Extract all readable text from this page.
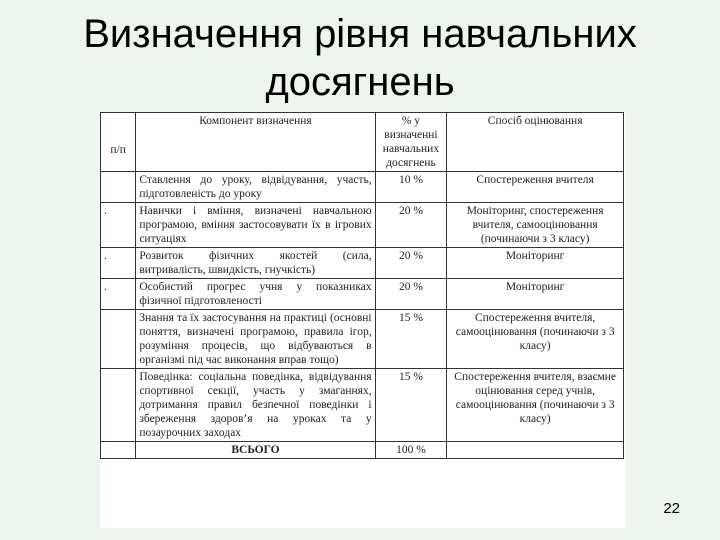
Визначення рівня навчальних досягнень
п/п	Компонент визначення	% у визначенні навчальних досягнень	Спосіб оцінювання
	Ставлення до уроку, відвідування, участь, підготовленість до уроку	10 %	Спостереження вчителя
.	Навички і вміння, визначені навчальною програмою, вміння застосовувати їх в ігрових ситуаціях	20 %	Моніторинг, спостереження вчителя, самооцінювання (починаючи з 3 класу)
.	Розвиток фізичних якостей (сила, витривалість, швидкість, гнучкість)	20 %	Моніторинг
.	Особистий прогрес учня у показниках фізичної підготовленості	20 %	Моніторинг
	Знання та їх застосування на практиці (основні поняття, визначені програмою, правила ігор, розуміння процесів, що відбуваються в організмі під час виконання вправ тощо)	15 %	Спостереження вчителя, самооцінювання (починаючи з 3 класу)
	Поведінка: соціальна поведінка, відвідування спортивної секції, участь у змаганнях, дотримання правил безпечної поведінки і збереження здоров’я на уроках та у позаурочних заходах	15 %	Спостереження вчителя, взаємне оцінювання серед учнів, самооцінювання (починаючи з 3 класу)
	ВСЬОГО	100 %	
22
